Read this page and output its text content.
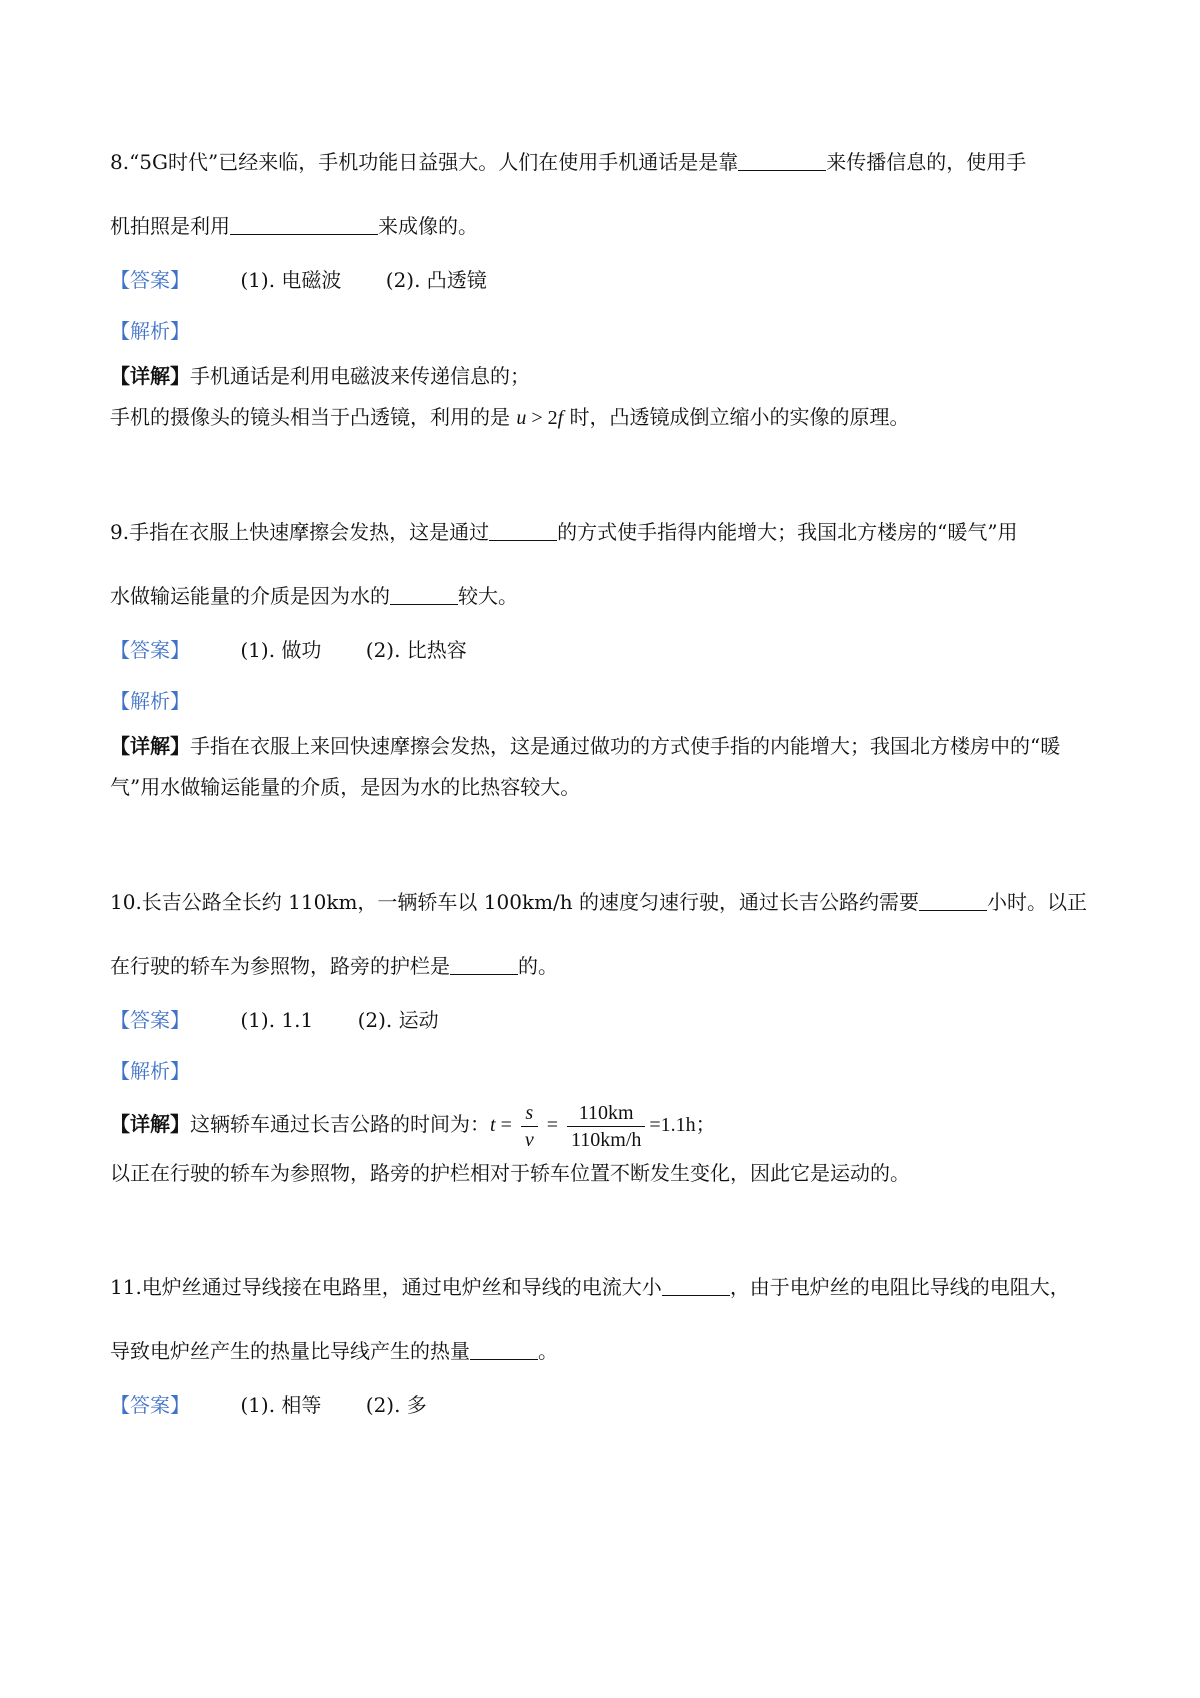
8.“5G时代”已经来临，手机功能日益强大。人们在使用手机通话是是靠	来传播信息的，使用手
机拍照是利用	来成像的。
【答案】	(1). 电磁波 (2). 凸透镜
【解析】
【详解】手机通话是利用电磁波来传递信息的；
手机的摄像头的镜头相当于凸透镜，利用的是 u > 2f 时，凸透镜成倒立缩小的实像的原理。
9.手指在衣服上快速摩擦会发热，这是通过	的方式使手指得内能增大；我国北方楼房的“暖气”用
水做输运能量的介质是因为水的	较大。
【答案】	(1). 做功 (2). 比热容
【解析】
【详解】手指在衣服上来回快速摩擦会发热，这是通过做功的方式使手指的内能增大；我国北方楼房中的“暖
气”用水做输运能量的介质，是因为水的比热容较大。
10.长吉公路全长约 110km，一辆轿车以 100km/h 的速度匀速行驶，通过长吉公路约需要	小时。以正
在行驶的轿车为参照物，路旁的护栏是	的。
【答案】	(1). 1.1 (2). 运动
【解析】
【详解】这辆轿车通过长吉公路的时间为：$t = \frac{s}{v} = \frac{110km}{110km/h} =1.1h$；
以正在行驶的轿车为参照物，路旁的护栏相对于轿车位置不断发生变化，因此它是运动的。
11.电炉丝通过导线接在电路里，通过电炉丝和导线的电流大小	，由于电炉丝的电阻比导线的电阻大，
导致电炉丝产生的热量比导线产生的热量	。
【答案】	(1). 相等 (2). 多
